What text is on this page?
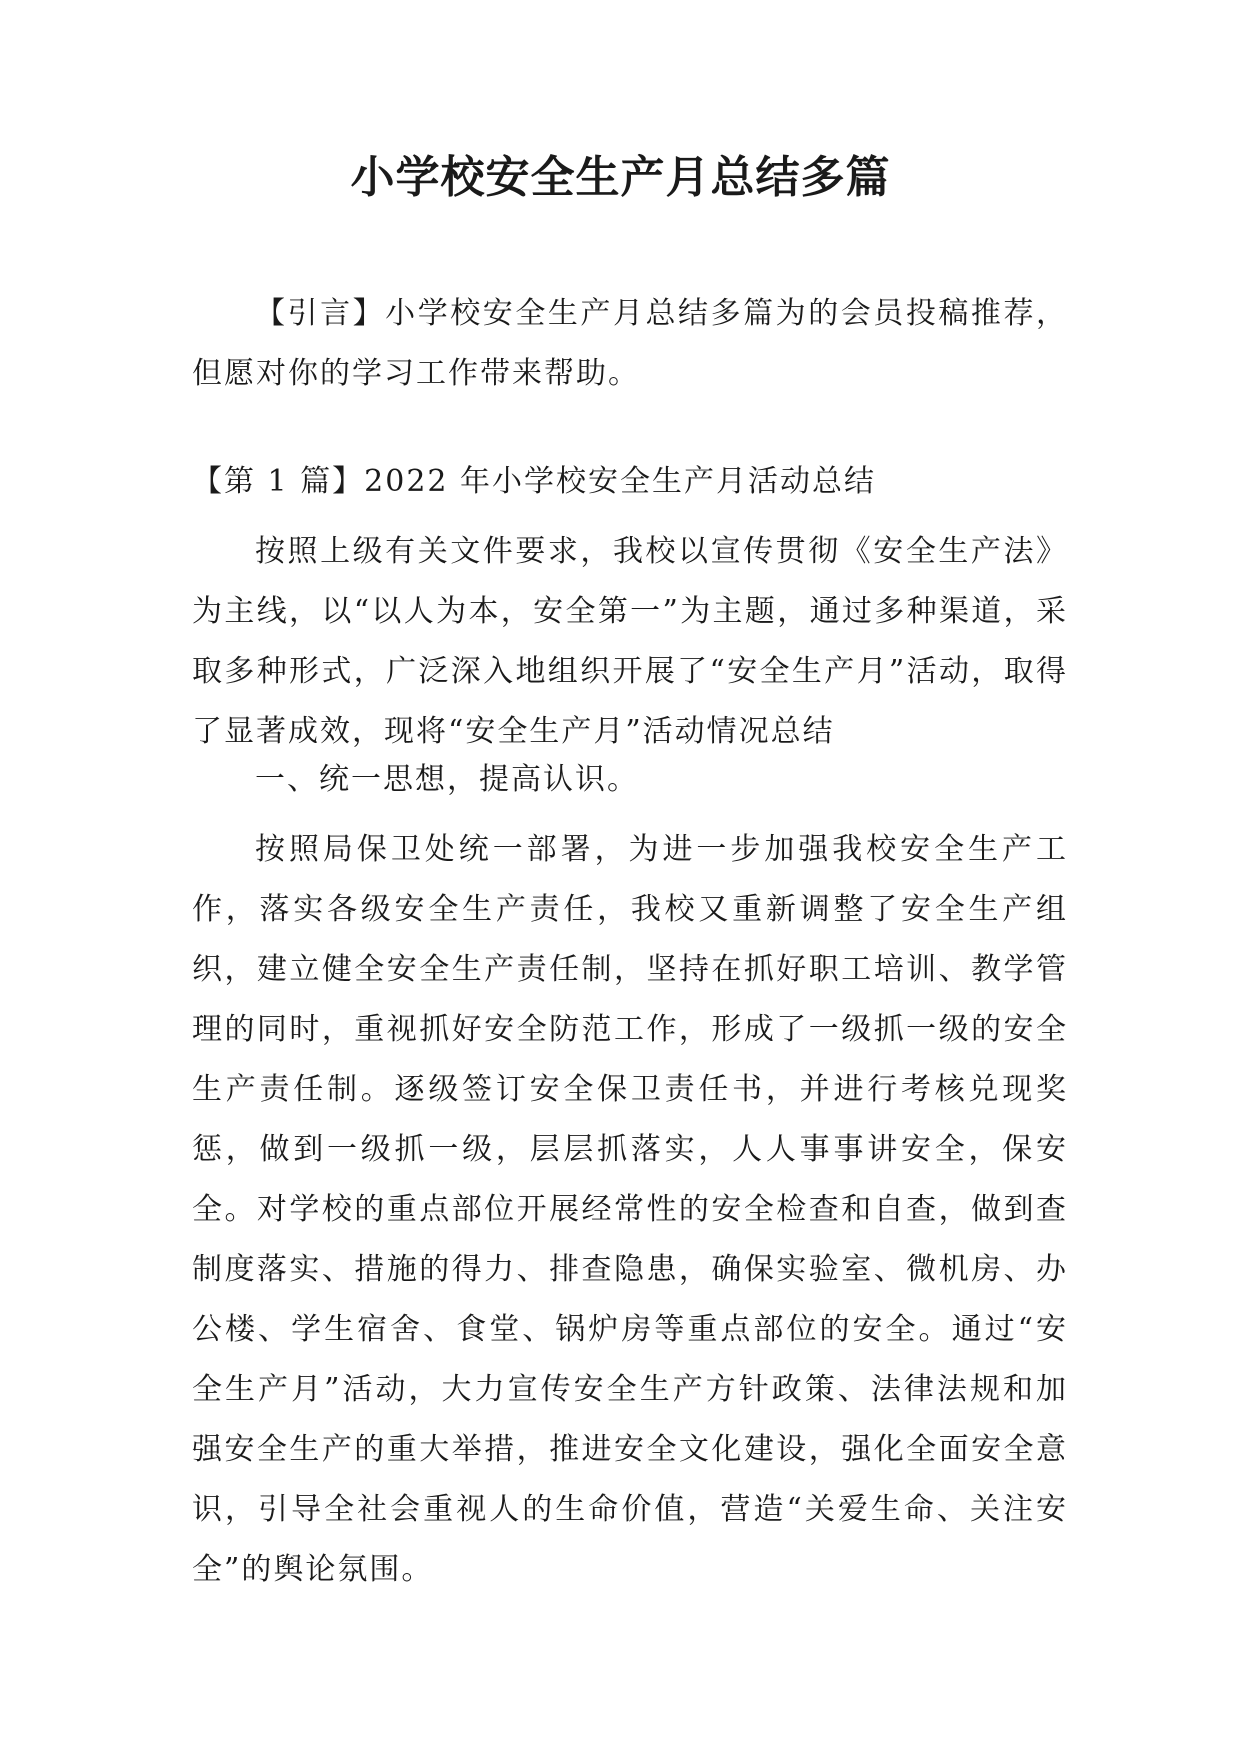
小学校安全生产月总结多篇

【引言】小学校安全生产月总结多篇为的会员投稿推荐，但愿对你的学习工作带来帮助。

【第 1 篇】2022 年小学校安全生产月活动总结

按照上级有关文件要求，我校以宣传贯彻《安全生产法》为主线，以“以人为本，安全第一”为主题，通过多种渠道，采取多种形式，广泛深入地组织开展了“安全生产月”活动，取得了显著成效，现将“安全生产月”活动情况总结

一、统一思想，提高认识。

按照局保卫处统一部署，为进一步加强我校安全生产工作，落实各级安全生产责任，我校又重新调整了安全生产组织，建立健全安全生产责任制，坚持在抓好职工培训、教学管理的同时，重视抓好安全防范工作，形成了一级抓一级的安全生产责任制。逐级签订安全保卫责任书，并进行考核兑现奖惩，做到一级抓一级，层层抓落实，人人事事讲安全，保安全。对学校的重点部位开展经常性的安全检查和自查，做到查制度落实、措施的得力、排查隐患，确保实验室、微机房、办公楼、学生宿舍、食堂、锅炉房等重点部位的安全。通过“安全生产月”活动，大力宣传安全生产方针政策、法律法规和加强安全生产的重大举措，推进安全文化建设，强化全面安全意识，引导全社会重视人的生命价值，营造“关爱生命、关注安全”的舆论氛围。
